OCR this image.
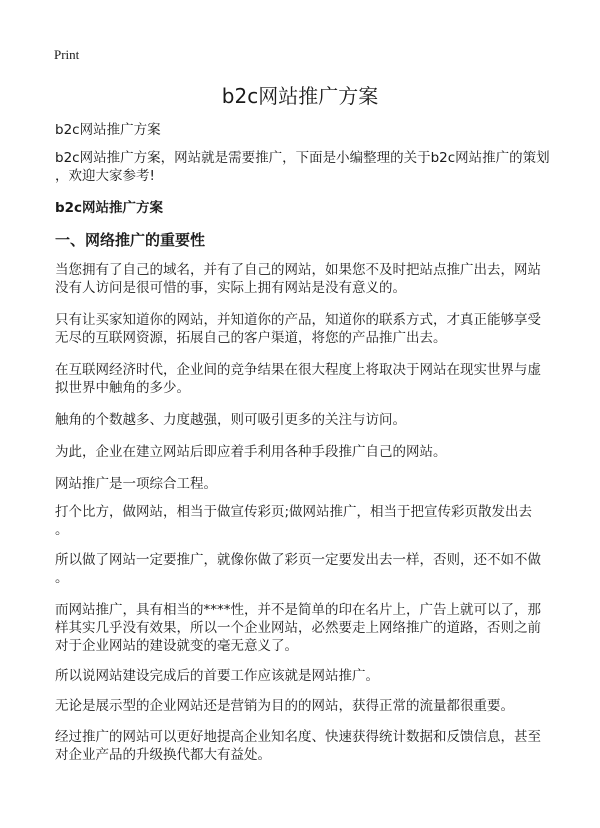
Print
b2c网站推广方案
b2c网站推广方案
b2c网站推广方案，网站就是需要推广，下面是小编整理的关于b2c网站推广的策划
，欢迎大家参考!
b2c网站推广方案
一、网络推广的重要性
当您拥有了自己的域名，并有了自己的网站，如果您不及时把站点推广出去，网站
没有人访问是很可惜的事，实际上拥有网站是没有意义的。
只有让买家知道你的网站，并知道你的产品，知道你的联系方式，才真正能够享受
无尽的互联网资源，拓展自己的客户渠道，将您的产品推广出去。
在互联网经济时代，企业间的竞争结果在很大程度上将取决于网站在现实世界与虚
拟世界中触角的多少。
触角的个数越多、力度越强，则可吸引更多的关注与访问。
为此，企业在建立网站后即应着手利用各种手段推广自己的网站。
网站推广是一项综合工程。
打个比方，做网站，相当于做宣传彩页;做网站推广，相当于把宣传彩页散发出去
。
所以做了网站一定要推广，就像你做了彩页一定要发出去一样，否则，还不如不做
。
而网站推广，具有相当的****性，并不是简单的印在名片上，广告上就可以了，那
样其实几乎没有效果，所以一个企业网站，必然要走上网络推广的道路，否则之前
对于企业网站的建设就变的毫无意义了。
所以说网站建设完成后的首要工作应该就是网站推广。
无论是展示型的企业网站还是营销为目的的网站，获得正常的流量都很重要。
经过推广的网站可以更好地提高企业知名度、快速获得统计数据和反馈信息，甚至
对企业产品的升级换代都大有益处。
